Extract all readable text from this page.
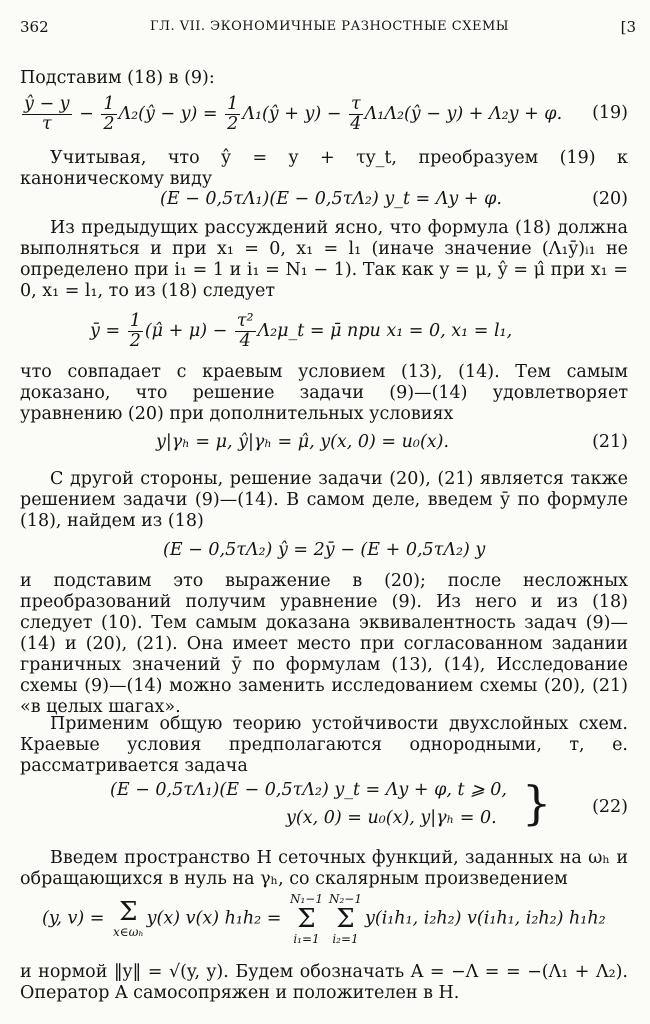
362	ГЛ. VII. ЭКОНОМИЧНЫЕ РАЗНОСТНЫЕ СХЕМЫ	[3
Подставим (18) в (9):
$\frac{ŷ - y}{\tau} - \frac{1}{2}$ Λ₂(ŷ − $y) = \frac{1}{2}$ Λ₁(ŷ + $y) - \frac{\tau}{4}$ Λ₁Λ₂(ŷ − y) + Λ₂y + φ. (19)
Учитывая, что ŷ = y + τy_t, преобразуем (19) к каноническому виду
(E − 0,5τΛ₁)(E − 0,5τΛ₂) y_t = Λy + φ.	(20)
Из предыдущих рассуждений ясно, что формула (18) должна выполняться и при x₁ = 0, x₁ = l₁ (иначе значение (Λ₁ȳ)ᵢ₁ не определено при i₁ = 1 и i₁ = N₁ − 1). Так как y = μ, ŷ = μ̂ при x₁ = 0, x₁ = l₁, то из (18) следует
ȳ = $\frac{1}{2}$ (μ̂ + $\mu) - \frac{\text{τ²}}{4}$ Λ₂μ_t = μ̄ при x₁ = 0, x₁ = l₁,
что совпадает с краевым условием (13), (14). Тем самым доказано, что решение задачи (9)—(14) удовлетворяет уравнению (20) при дополнительных условиях
y|γₕ = μ, ŷ|γₕ = μ̂, y(x, 0) = u₀(x).	(21)
С другой стороны, решение задачи (20), (21) является также решением задачи (9)—(14). В самом деле, введем ȳ по формуле (18), найдем из (18)
(E − 0,5τΛ₂) ŷ = 2ȳ − (E + 0,5τΛ₂) y
и подставим это выражение в (20); после несложных преобразований получим уравнение (9). Из него и из (18) следует (10). Тем самым доказана эквивалентность задач (9)—(14) и (20), (21). Она имеет место при согласованном задании граничных значений ȳ по формулам (13), (14), Исследование схемы (9)—(14) можно заменить исследованием схемы (20), (21) «в целых шагах».
Применим общую теорию устойчивости двухслойных схем. Краевые условия предполагаются однородными, т, е. рассматривается задача
(E − 0,5τΛ₁)(E − 0,5τΛ₂) y_t = Λy + φ, t ⩾ 0,
y(x, 0) = u₀(x), y|γₕ = 0. } (22)
Введем пространство H сеточных функций, заданных на ωₕ и обращающихся в нуль на γₕ, со скалярным произведением
(y, v) = Σ
x∈ωₕy(x) v(x) h₁h₂ = N₁−1
Σ
i₁=1N₂−1
Σ
i₂=1y(i₁h₁, i₂h₂) v(i₁h₁, i₂h₂) h₁h₂
и нормой ‖y‖ = √(y, y). Будем обозначать A = −Λ = = −(Λ₁ + Λ₂). Оператор A самосопряжен и положителен в H.
